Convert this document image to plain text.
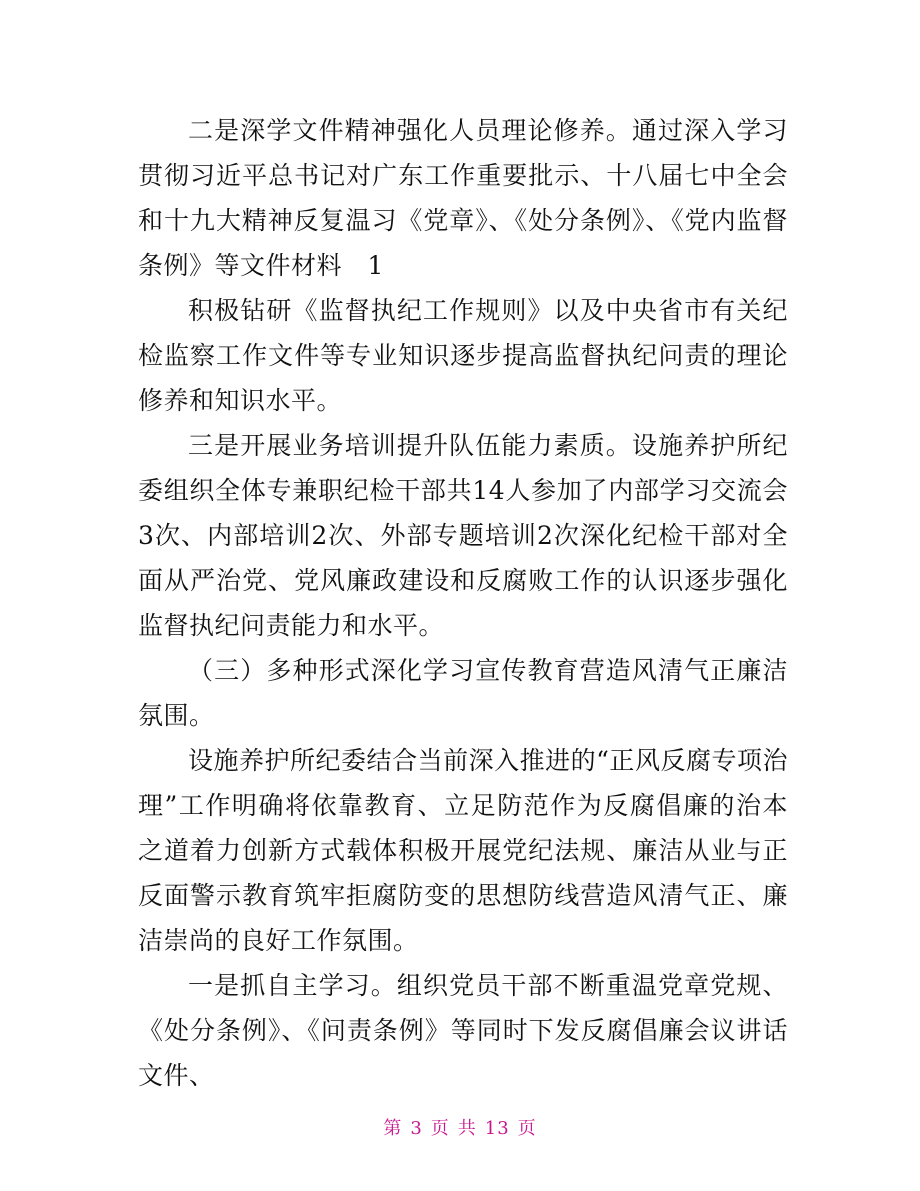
二是深学文件精神强化人员理论修养。通过深入学习贯彻习近平总书记对广东工作重要批示、十八届七中全会和十九大精神反复温习《党章》、《处分条例》、《党内监督条例》等文件材料　1

积极钻研《监督执纪工作规则》以及中央省市有关纪检监察工作文件等专业知识逐步提高监督执纪问责的理论修养和知识水平。

三是开展业务培训提升队伍能力素质。设施养护所纪委组织全体专兼职纪检干部共14人参加了内部学习交流会3次、内部培训2次、外部专题培训2次深化纪检干部对全面从严治党、党风廉政建设和反腐败工作的认识逐步强化监督执纪问责能力和水平。

（三）多种形式深化学习宣传教育营造风清气正廉洁氛围。

设施养护所纪委结合当前深入推进的“正风反腐专项治理”工作明确将依靠教育、立足防范作为反腐倡廉的治本之道着力创新方式载体积极开展党纪法规、廉洁从业与正反面警示教育筑牢拒腐防变的思想防线营造风清气正、廉洁崇尚的良好工作氛围。

一是抓自主学习。组织党员干部不断重温党章党规、《处分条例》、《问责条例》等同时下发反腐倡廉会议讲话文件、

第 3 页 共 13 页
